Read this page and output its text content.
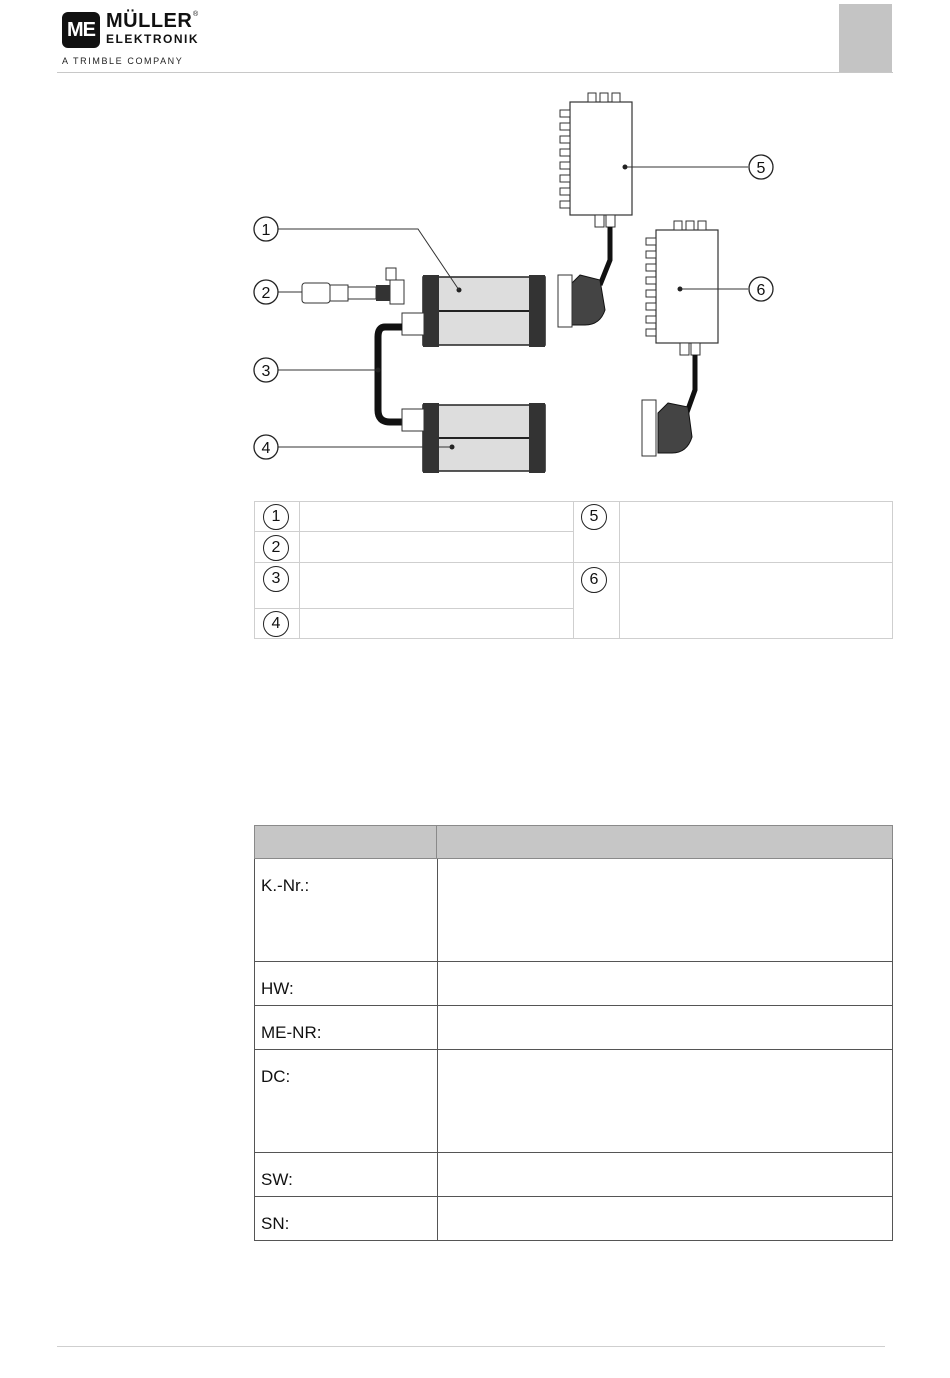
ME MÜLLER ®
ELEKTRONIK
A TRIMBLE COMPANY
5
6
1
2
3
4
1
2
3
4
5
6
K.-Nr.:
HW:
ME-NR:
DC:
SW:
SN:
